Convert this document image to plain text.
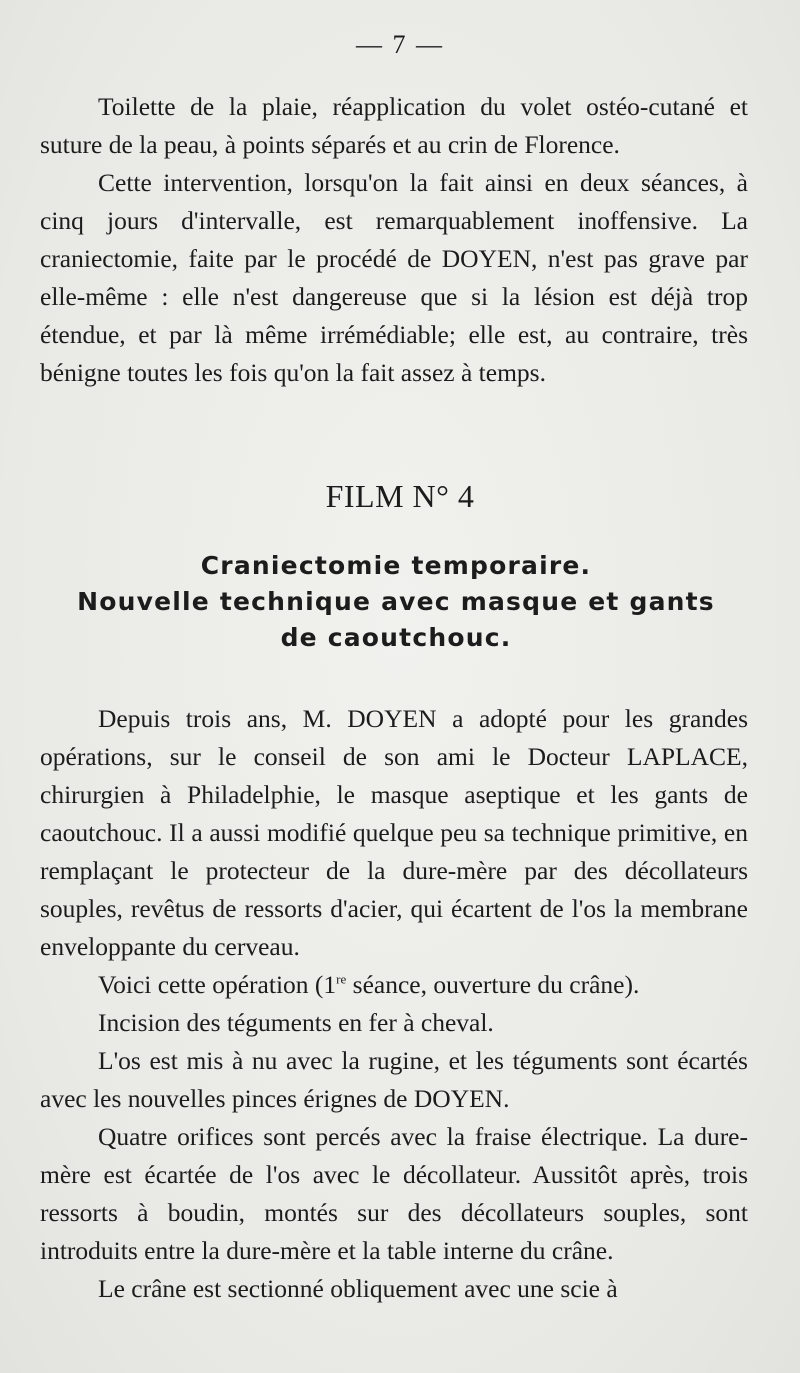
— 7 —

Toilette de la plaie, réapplication du volet ostéo-cutané et suture de la peau, à points séparés et au crin de Florence.

Cette intervention, lorsqu'on la fait ainsi en deux séances, à cinq jours d'intervalle, est remarquablement inoffensive. La craniectomie, faite par le procédé de DOYEN, n'est pas grave par elle-même : elle n'est dangereuse que si la lésion est déjà trop étendue, et par là même irrémédiable; elle est, au contraire, très bénigne toutes les fois qu'on la fait assez à temps.

FILM N° 4
Craniectomie temporaire.
Nouvelle technique avec masque et gants
de caoutchouc.

Depuis trois ans, M. DOYEN a adopté pour les grandes opérations, sur le conseil de son ami le Docteur LAPLACE, chirurgien à Philadelphie, le masque aseptique et les gants de caoutchouc. Il a aussi modifié quelque peu sa technique primitive, en remplaçant le protecteur de la dure-mère par des décollateurs souples, revêtus de ressorts d'acier, qui écartent de l'os la membrane enveloppante du cerveau.

Voici cette opération (1re séance, ouverture du crâne).

Incision des téguments en fer à cheval.

L'os est mis à nu avec la rugine, et les téguments sont écartés avec les nouvelles pinces érignes de DOYEN.

Quatre orifices sont percés avec la fraise électrique. La dure-mère est écartée de l'os avec le décollateur. Aussitôt après, trois ressorts à boudin, montés sur des décollateurs souples, sont introduits entre la dure-mère et la table interne du crâne.

Le crâne est sectionné obliquement avec une scie à
